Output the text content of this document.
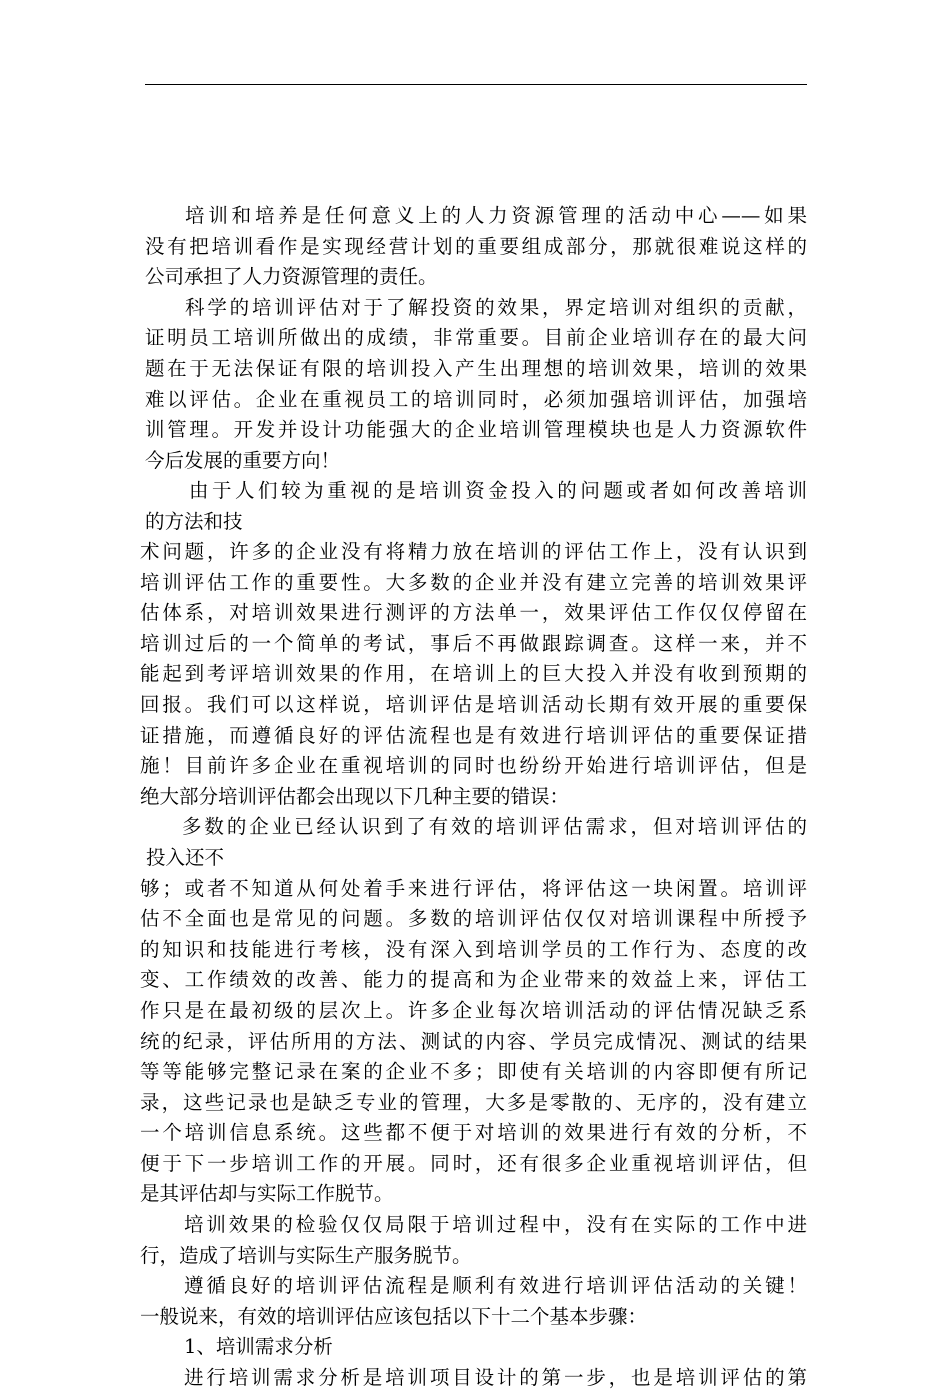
培训和培养是任何意义上的人力资源管理的活动中心——如果
没有把培训看作是实现经营计划的重要组成部分，那就很难说这样的
公司承担了人力资源管理的责任。
科学的培训评估对于了解投资的效果，界定培训对组织的贡献，
证明员工培训所做出的成绩，非常重要。目前企业培训存在的最大问
题在于无法保证有限的培训投入产生出理想的培训效果，培训的效果
难以评估。企业在重视员工的培训同时，必须加强培训评估，加强培
训管理。开发并设计功能强大的企业培训管理模块也是人力资源软件
今后发展的重要方向！
由于人们较为重视的是培训资金投入的问题或者如何改善培训
的方法和技
术问题，许多的企业没有将精力放在培训的评估工作上，没有认识到
培训评估工作的重要性。大多数的企业并没有建立完善的培训效果评
估体系，对培训效果进行测评的方法单一，效果评估工作仅仅停留在
培训过后的一个简单的考试，事后不再做跟踪调查。这样一来，并不
能起到考评培训效果的作用，在培训上的巨大投入并没有收到预期的
回报。我们可以这样说，培训评估是培训活动长期有效开展的重要保
证措施，而遵循良好的评估流程也是有效进行培训评估的重要保证措
施！目前许多企业在重视培训的同时也纷纷开始进行培训评估，但是
绝大部分培训评估都会出现以下几种主要的错误：
多数的企业已经认识到了有效的培训评估需求，但对培训评估的
投入还不
够；或者不知道从何处着手来进行评估，将评估这一块闲置。培训评
估不全面也是常见的问题。多数的培训评估仅仅对培训课程中所授予
的知识和技能进行考核，没有深入到培训学员的工作行为、态度的改
变、工作绩效的改善、能力的提高和为企业带来的效益上来，评估工
作只是在最初级的层次上。许多企业每次培训活动的评估情况缺乏系
统的纪录，评估所用的方法、测试的内容、学员完成情况、测试的结果
等等能够完整记录在案的企业不多；即使有关培训的内容即便有所记
录，这些记录也是缺乏专业的管理，大多是零散的、无序的，没有建立
一个培训信息系统。这些都不便于对培训的效果进行有效的分析，不
便于下一步培训工作的开展。同时，还有很多企业重视培训评估，但
是其评估却与实际工作脱节。
培训效果的检验仅仅局限于培训过程中，没有在实际的工作中进
行，造成了培训与实际生产服务脱节。
遵循良好的培训评估流程是顺利有效进行培训评估活动的关键！
一般说来，有效的培训评估应该包括以下十二个基本步骤：
1、培训需求分析
进行培训需求分析是培训项目设计的第一步，也是培训评估的第
